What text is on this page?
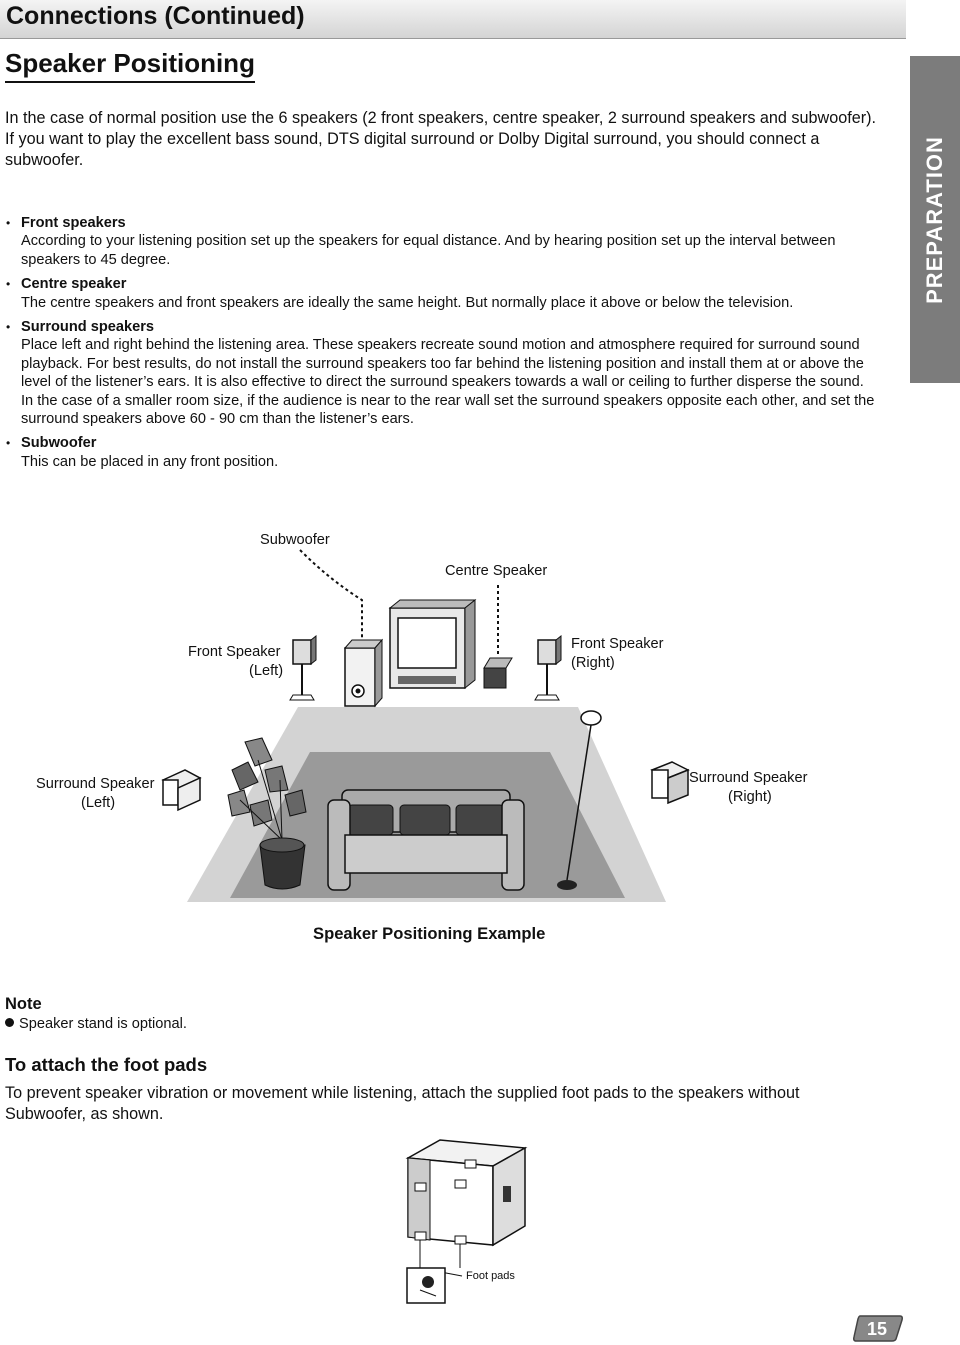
Connections (Continued)
PREPARATION
Speaker Positioning

In the case of normal position use the 6 speakers (2 front speakers, centre speaker, 2 surround speakers and subwoofer).

If you want to play the excellent bass sound, DTS digital surround or Dolby Digital surround, you should connect a subwoofer.

• Front speakers

According to your listening position set up the speakers for equal distance. And by hearing position set up the interval between speakers to 45 degree.

• Centre speaker

The centre speakers and front speakers are ideally the same height. But normally place it above or below the television.

• Surround speakers

Place left and right behind the listening area. These speakers recreate sound motion and atmosphere required for surround sound playback. For best results, do not install the surround speakers too far behind the listening position and install them at or above the level of the listener’s ears. It is also effective to direct the surround speakers towards a wall or ceiling to further disperse the sound.

In the case of a smaller room size, if the audience is near to the rear wall set the surround speakers opposite each other, and set the surround speakers above 60 - 90 cm than the listener’s ears.

• Subwoofer

This can be placed in any front position.

Subwoofer
Centre Speaker
Front Speaker
(Left)
Front Speaker
(Right)
Surround Speaker
(Left)
Surround Speaker
(Right)
Speaker Positioning Example
Note
Speaker stand is optional.
To attach the foot pads
To prevent speaker vibration or movement while listening, attach the supplied foot pads to the speakers without Subwoofer, as shown.
Foot pads
15
